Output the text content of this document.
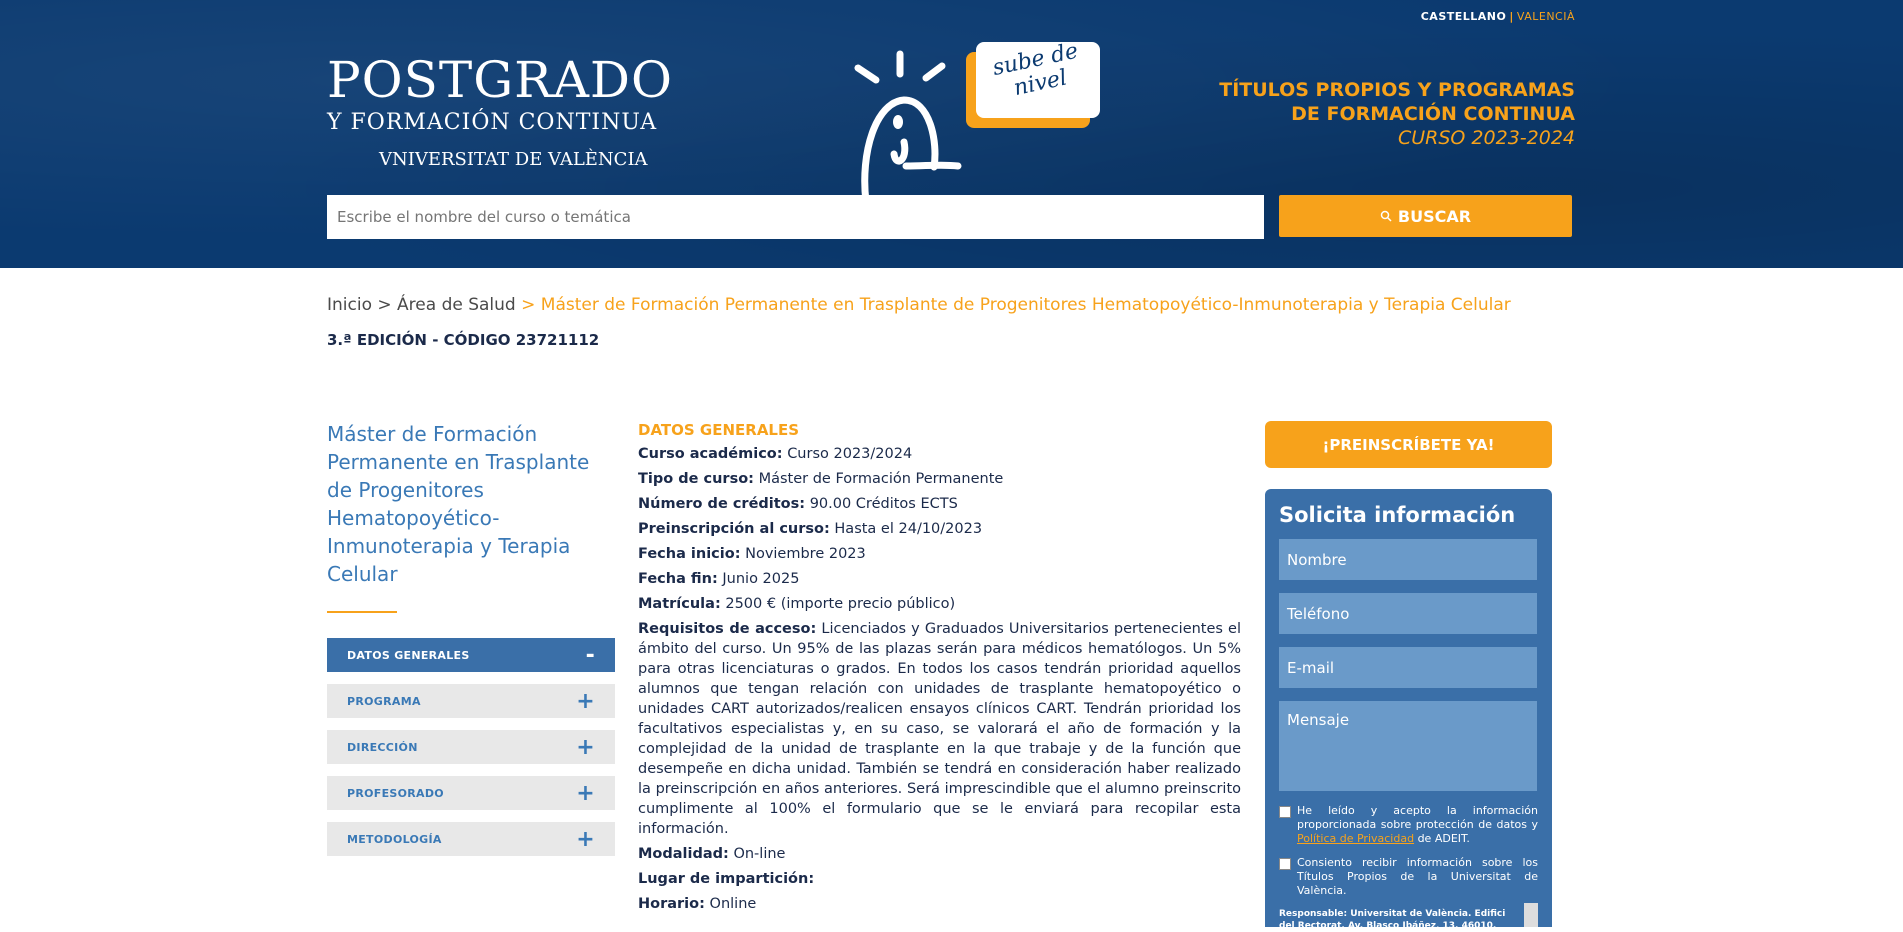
CASTELLANO | VALENCIÀ
POSTGRADO
Y FORMACIÓN CONTINUA
VNIVERSITAT DE VALÈNCIA
sube de nivel	TÍTULOS PROPIOS Y PROGRAMAS
DE FORMACIÓN CONTINUA
CURSO 2023-2024
Escribe el nombre del curso o temática
BUSCAR
Inicio > Área de Salud > Máster de Formación Permanente en Trasplante de Progenitores Hematopoyético-Inmunoterapia y Terapia Celular
3.ª EDICIÓN - CÓDIGO 23721112
Máster de Formación Permanente en Trasplante de Progenitores Hematopoyético-Inmunoterapia y Terapia Celular
DATOS GENERALES	-
PROGRAMA	+
DIRECCIÓN	+
PROFESORADO	+
METODOLOGÍA	+
DATOS GENERALES
Curso académico: Curso 2023/2024
Tipo de curso: Máster de Formación Permanente
Número de créditos: 90.00 Créditos ECTS
Preinscripción al curso: Hasta el 24/10/2023
Fecha inicio: Noviembre 2023
Fecha fin: Junio 2025
Matrícula: 2500 € (importe precio público)
Requisitos de acceso: Licenciados y Graduados Universitarios pertenecientes el ámbito del curso. Un 95% de las plazas serán para médicos hematólogos. Un 5% para otras licenciaturas o grados. En todos los casos tendrán prioridad aquellos alumnos que tengan relación con unidades de trasplante hematopoyético o unidades CART autorizados/realicen ensayos clínicos CART. Tendrán prioridad los facultativos especialistas y, en su caso, se valorará el año de formación y la complejidad de la unidad de trasplante en la que trabaje y de la función que desempeñe en dicha unidad. También se tendrá en consideración haber realizado la preinscripción en años anteriores. Será imprescindible que el alumno preinscrito cumplimente al 100% el formulario que se le enviará para recopilar esta información.
Modalidad: On-line
Lugar de impartición:
Horario: Online
¡PREINSCRÍBETE YA!
Solicita información
Nombre
Teléfono
E-mail
Mensaje
He leído y acepto la información proporcionada sobre protección de datos y Política de Privacidad de ADEIT.
Consiento recibir información sobre los Títulos Propios de la Universitat de València.
Responsable: Universitat de València. Edifici del Rectorat. Av. Blasco Ibáñez, 13. 46010.
